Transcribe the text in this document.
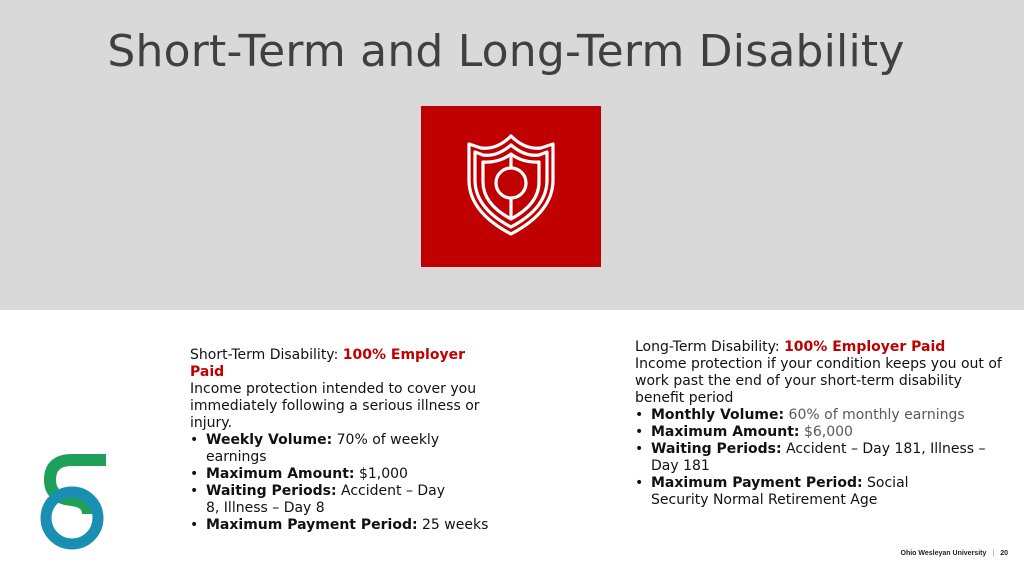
Short-Term and Long-Term Disability

Short-Term Disability: 100% Employer Paid

Income protection intended to cover you immediately following a serious illness or injury.

• Weekly Volume: 70% of weekly earnings
• Maximum Amount: $1,000
• Waiting Periods: Accident – Day 8, Illness – Day 8
• Maximum Payment Period: 25 weeks

Long-Term Disability: 100% Employer Paid

Income protection if your condition keeps you out of work past the end of your short-term disability benefit period

• Monthly Volume: 60% of monthly earnings
• Maximum Amount: $6,000
• Waiting Periods: Accident – Day 181, Illness – Day 181
• Maximum Payment Period: Social Security Normal Retirement Age
Ohio Wesleyan University | 20
